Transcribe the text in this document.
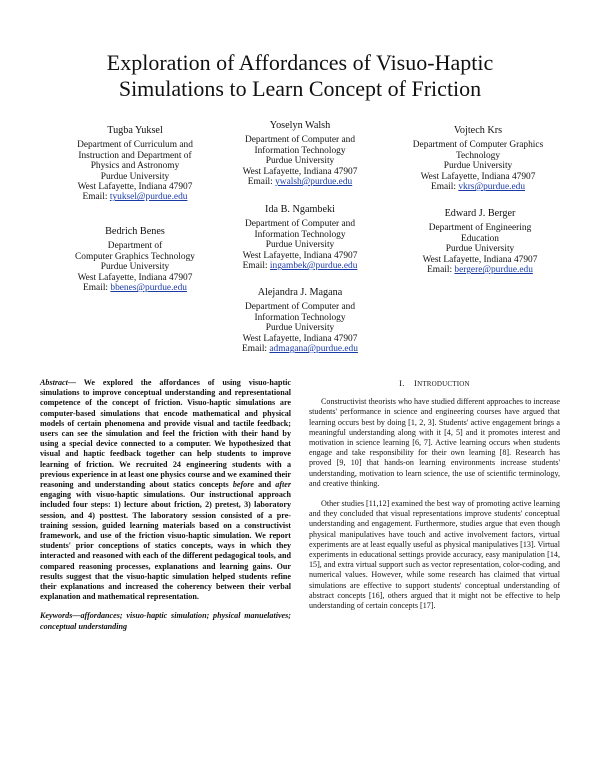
Exploration of Affordances of Visuo-Haptic
Simulations to Learn Concept of Friction
Tugba Yuksel
Department of Curriculum and
Instruction and Department of
Physics and Astronomy
Purdue University
West Lafayette, Indiana 47907
Email: tyuksel@purdue.edu
Yoselyn Walsh
Department of Computer and
Information Technology
Purdue University
West Lafayette, Indiana 47907
Email: ywalsh@purdue.edu
Vojtech Krs
Department of Computer Graphics
Technology
Purdue University
West Lafayette, Indiana 47907
Email: vkrs@purdue.edu
Bedrich Benes
Department of
Computer Graphics Technology
Purdue University
West Lafayette, Indiana 47907
Email: bbenes@purdue.edu
Ida B. Ngambeki
Department of Computer and
Information Technology
Purdue University
West Lafayette, Indiana 47907
Email: ingambek@purdue.edu
Edward J. Berger
Department of Engineering
Education
Purdue University
West Lafayette, Indiana 47907
Email: bergere@purdue.edu
Alejandra J. Magana
Department of Computer and
Information Technology
Purdue University
West Lafayette, Indiana 47907
Email: admagana@purdue.edu
Abstract— We explored the affordances of using visuo-haptic simulations to improve conceptual understanding and representational competence of the concept of friction. Visuo-haptic simulations are computer-based simulations that encode mathematical and physical models of certain phenomena and provide visual and tactile feedback; users can see the simulation and feel the friction with their hand by using a special device connected to a computer. We hypothesized that visual and haptic feedback together can help students to improve learning of friction. We recruited 24 engineering students with a previous experience in at least one physics course and we examined their reasoning and understanding about statics concepts before and after engaging with visuo-haptic simulations. Our instructional approach included four steps: 1) lecture about friction, 2) pretest, 3) laboratory session, and 4) posttest. The laboratory session consisted of a pre-training session, guided learning materials based on a constructivist framework, and use of the friction visuo-haptic simulation. We report students' prior conceptions of statics concepts, ways in which they interacted and reasoned with each of the different pedagogical tools, and compared reasoning processes, explanations and learning gains. Our results suggest that the visuo-haptic simulation helped students refine their explanations and increased the coherency between their verbal explanation and mathematical representation.
Keywords—affordances; visuo-haptic simulation; physical manuelatives; conceptual understanding
I. INTRODUCTION

Constructivist theorists who have studied different approaches to increase students' performance in science and engineering courses have argued that learning occurs best by doing [1, 2, 3]. Students' active engagement brings a meaningful understanding along with it [4, 5] and it promotes interest and motivation in science learning [6, 7]. Active learning occurs when students engage and take responsibility for their own learning [8]. Research has proved [9, 10] that hands-on learning environments increase students' understanding, motivation to learn science, the use of scientific terminology, and creative thinking.

Other studies [11,12] examined the best way of promoting active learning and they concluded that visual representations improve students' conceptual understanding and engagement. Furthermore, studies argue that even though physical manipulatives have touch and active involvement factors, virtual experiments are at least equally useful as physical manipulatives [13]. Virtual experiments in educational settings provide accuracy, easy manipulation [14, 15], and extra virtual support such as vector representation, color-coding, and numerical values. However, while some research has claimed that virtual simulations are effective to support students' conceptual understanding of abstract concepts [16], others argued that it might not be effective to help understanding of certain concepts [17].
